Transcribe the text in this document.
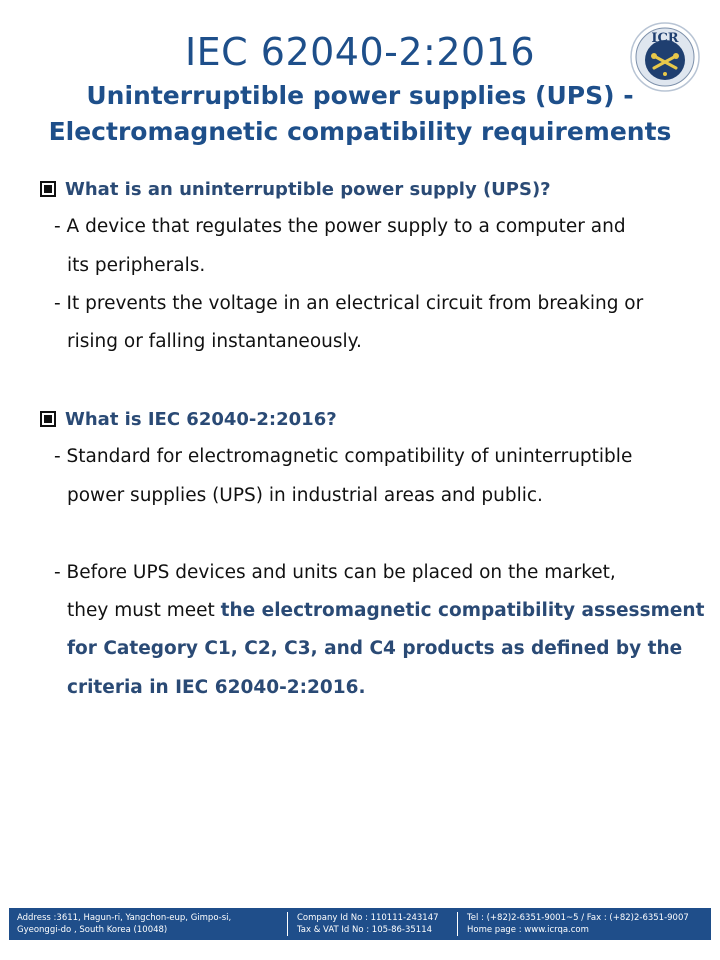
IEC 62040-2:2016
Uninterruptible power supplies (UPS) -
Electromagnetic compatibility requirements
ICR
What is an uninterruptible power supply (UPS)?
- A device that regulates the power supply to a computer and
its peripherals.
- It prevents the voltage in an electrical circuit from breaking or
rising or falling instantaneously.
What is IEC 62040-2:2016?
- Standard for electromagnetic compatibility of uninterruptible
power supplies (UPS) in industrial areas and public.
- Before UPS devices and units can be placed on the market,
they must meet the electromagnetic compatibility assessment
for Category C1, C2, C3, and C4 products as defined by the
criteria in IEC 62040-2:2016.
Address :3611, Hagun-ri, Yangchon-eup, Gimpo-si,
Gyeonggi-do , South Korea (10048)
Company Id No : 110111-243147
Tax & VAT Id No : 105-86-35114
Tel : (+82)2-6351-9001~5 / Fax : (+82)2-6351-9007
Home page : www.icrqa.com
